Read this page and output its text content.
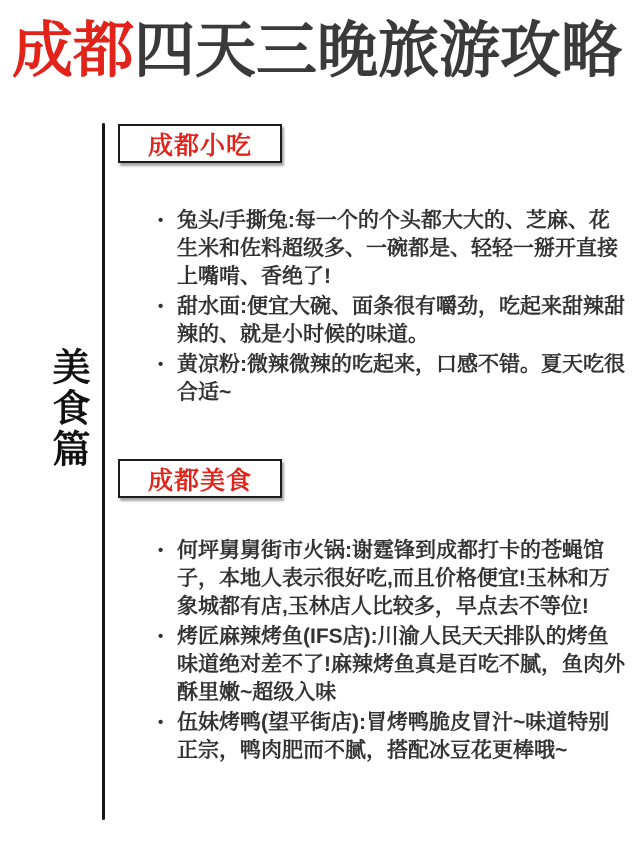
成都四天三晚旅游攻略
美食篇
成都小吃
• 兔头/手撕兔:每一个的个头都大大的、芝麻、花生米和佐料超级多、一碗都是、轻轻一掰开直接上嘴啃、香绝了!
• 甜水面:便宜大碗、面条很有嚼劲，吃起来甜辣甜辣的、就是小时候的味道。
• 黄凉粉:微辣微辣的吃起来，口感不错。夏天吃很合适~
成都美食
• 何坪舅舅街市火锅:谢霆锋到成都打卡的苍蝇馆子，本地人表示很好吃,而且价格便宜!玉林和万象城都有店,玉林店人比较多，早点去不等位!
• 烤匠麻辣烤鱼(IFS店):川渝人民天天排队的烤鱼味道绝对差不了!麻辣烤鱼真是百吃不腻，鱼肉外酥里嫩~超级入味
• 伍妹烤鸭(望平街店):冒烤鸭脆皮冒汁~味道特别正宗，鸭肉肥而不腻，搭配冰豆花更棒哦~
